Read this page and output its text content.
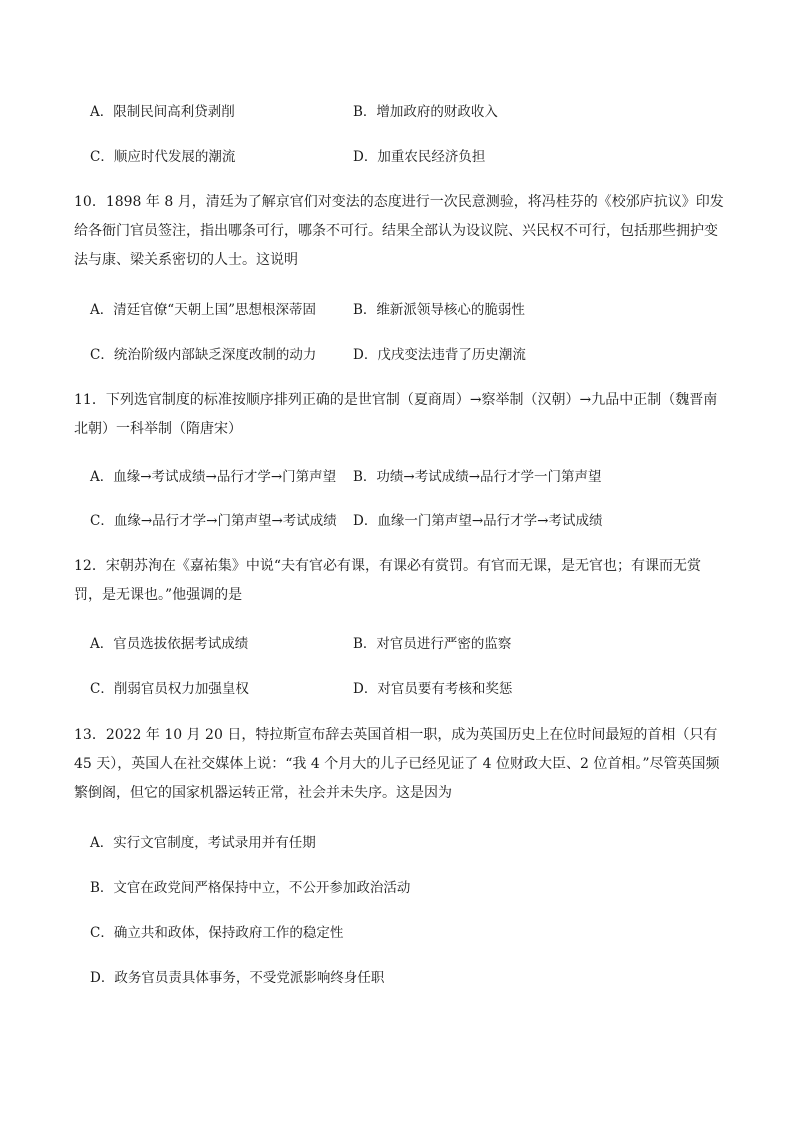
A．限制民间高利贷剥削	B．增加政府的财政收入
C．顺应时代发展的潮流	D．加重农民经济负担
10．1898 年 8 月，清廷为了解京官们对变法的态度进行一次民意测验，将冯桂芬的《校邠庐抗议》印发给各衙门官员签注，指出哪条可行，哪条不可行。结果全部认为设议院、兴民权不可行，包括那些拥护变法与康、梁关系密切的人士。这说明
A．清廷官僚“天朝上国”思想根深蒂固	B．维新派领导核心的脆弱性
C．统治阶级内部缺乏深度改制的动力	D．戊戌变法违背了历史潮流
11．下列选官制度的标准按顺序排列正确的是世官制（夏商周）→察举制（汉朝）→九品中正制（魏晋南北朝）一科举制（隋唐宋）
A．血缘→考试成绩→品行才学→门第声望 B．功绩→考试成绩→品行才学一门第声望
C．血缘→品行才学→门第声望→考试成绩 D．血缘一门第声望→品行才学→考试成绩
12．宋朝苏洵在《嘉祐集》中说“夫有官必有课，有课必有赏罚。有官而无课，是无官也；有课而无赏罚，是无课也。”他强调的是
A．官员选拔依据考试成绩	B．对官员进行严密的监察
C．削弱官员权力加强皇权	D．对官员要有考核和奖惩
13．2022 年 10 月 20 日，特拉斯宣布辞去英国首相一职，成为英国历史上在位时间最短的首相（只有 45 天），英国人在社交媒体上说：“我 4 个月大的儿子已经见证了 4 位财政大臣、2 位首相。”尽管英国频繁倒阁，但它的国家机器运转正常，社会并未失序。这是因为
A．实行文官制度，考试录用并有任期
B．文官在政党间严格保持中立，不公开参加政治活动
C．确立共和政体，保持政府工作的稳定性
D．政务官员责具体事务，不受党派影响终身任职
